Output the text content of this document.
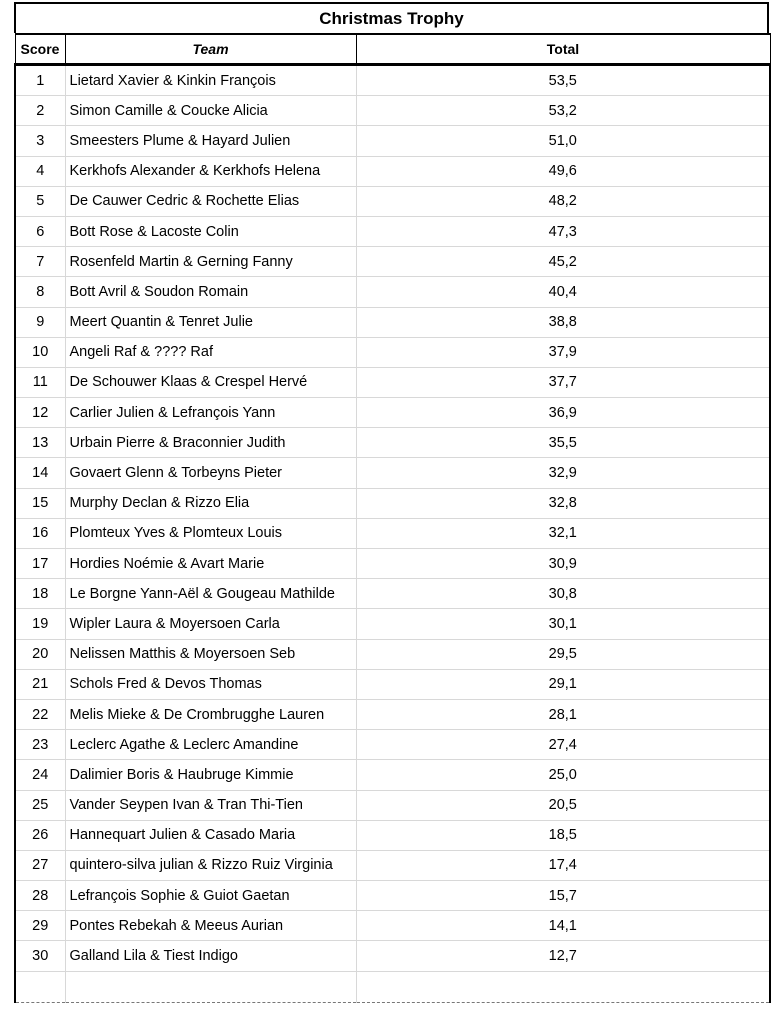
Christmas Trophy
Score	Team	Total
1	Lietard Xavier & Kinkin François	53,5
2	Simon Camille & Coucke Alicia	53,2
3	Smeesters Plume & Hayard Julien	51,0
4	Kerkhofs Alexander & Kerkhofs Helena	49,6
5	De Cauwer Cedric & Rochette Elias	48,2
6	Bott Rose & Lacoste Colin	47,3
7	Rosenfeld Martin & Gerning Fanny	45,2
8	Bott Avril & Soudon Romain	40,4
9	Meert Quantin & Tenret Julie	38,8
10	Angeli Raf & ???? Raf	37,9
11	De Schouwer Klaas & Crespel Hervé	37,7
12	Carlier Julien & Lefrançois Yann	36,9
13	Urbain Pierre & Braconnier Judith	35,5
14	Govaert Glenn & Torbeyns Pieter	32,9
15	Murphy Declan & Rizzo Elia	32,8
16	Plomteux Yves & Plomteux Louis	32,1
17	Hordies Noémie & Avart Marie	30,9
18	Le Borgne Yann-Aël & Gougeau Mathilde	30,8
19	Wipler Laura & Moyersoen Carla	30,1
20	Nelissen Matthis & Moyersoen Seb	29,5
21	Schols Fred & Devos Thomas	29,1
22	Melis Mieke & De Crombrugghe Lauren	28,1
23	Leclerc Agathe & Leclerc Amandine	27,4
24	Dalimier Boris & Haubruge Kimmie	25,0
25	Vander Seypen Ivan & Tran Thi-Tien	20,5
26	Hannequart Julien & Casado Maria	18,5
27	quintero-silva julian & Rizzo Ruiz Virginia	17,4
28	Lefrançois Sophie & Guiot Gaetan	15,7
29	Pontes Rebekah & Meeus Aurian	14,1
30	Galland Lila & Tiest Indigo	12,7
